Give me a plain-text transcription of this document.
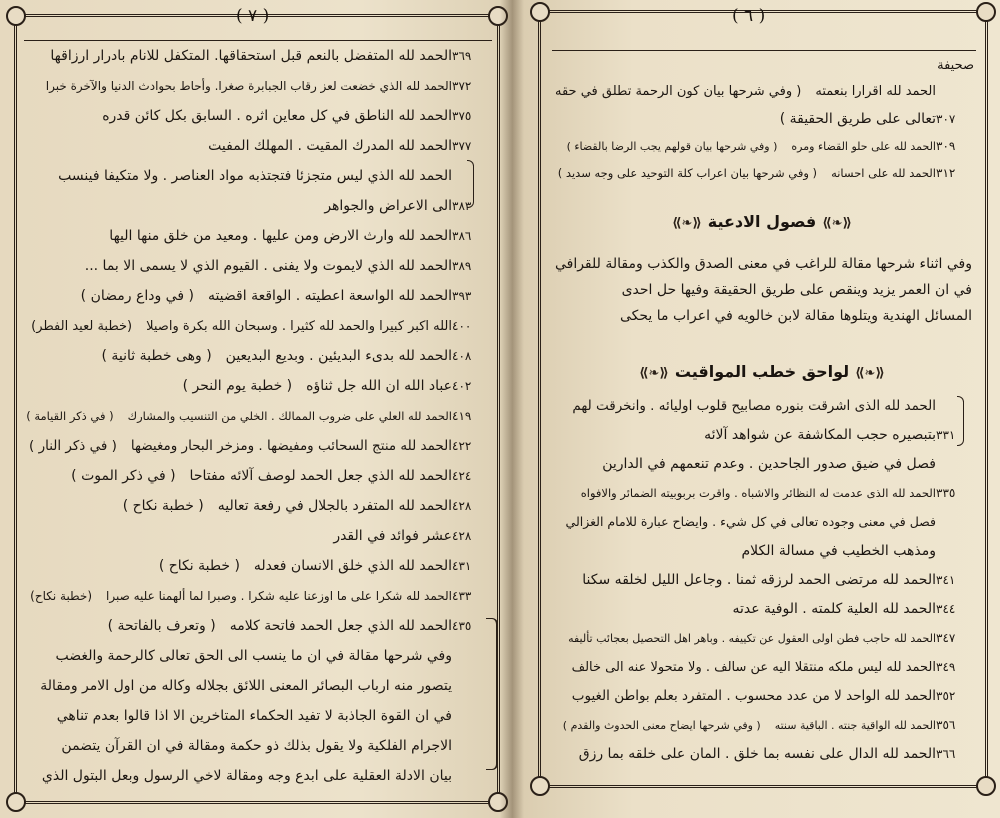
( ٧ )
٣٦٩الحمد لله المتفضل بالنعم قبل استحقاقها. المتكفل للانام بادرار ارزاقها
٣٧٢الحمد لله الذي خضعت لعز رقاب الجبابرة صغرا. وأحاط بحوادث الدنيا والآخرة خبرا
٣٧٥الحمد لله الناطق في كل معاين اثره . السابق بكل كائن قدره
٣٧٧الحمد لله المدرك المقيت . المهلك المفيت
الحمد لله الذي ليس متجزئا فتجتذبه مواد العناصر . ولا متكيفا فينسب
٣٨٣الى الاعراض والجواهر
٣٨٦الحمد لله وارث الارض ومن عليها . ومعيد من خلق منها اليها
٣٨٩الحمد لله الذي لايموت ولا يفنى . القيوم الذي لا يسمى الا بما ...
٣٩٣الحمد لله الواسعة اعطيته . الواقعة اقضيته( في وداع رمضان )
٤٠٠الله اكبر كبيرا والحمد لله كثيرا . وسبحان الله بكرة واصيلا(خطبة لعيد الفطر)
٤٠٨الحمد لله بدىء البديئين . وبديع البديعين( وهى خطبة ثانية )
٤٠٢عباد الله ان الله جل ثناؤه( خطبة يوم النحر )
٤١٩الحمد لله العلي على ضروب الممالك . الخلي من التنسيب والمشارك( في ذكر القيامة )
٤٢٢الحمد لله منتج السحائب ومفيضها . ومزخر البحار ومغيضها( في ذكر النار )
٤٢٤الحمد لله الذي جعل الحمد لوصف آلائه مفتاحا( في ذكر الموت )
٤٢٨الحمد لله المتفرد بالجلال في رفعة تعاليه( خطبة نكاح )
٤٢٨عشر فوائد في القدر
٤٣١الحمد لله الذي خلق الانسان فعدله( خطبة نكاح )
٤٣٣الحمد لله شكرا على ما اوزعنا عليه شكرا . وصبرا لما ألهمنا عليه صبرا(خطبة نكاح)
٤٣٥الحمد لله الذي جعل الحمد فاتحة كلامه( وتعرف بالفاتحة )
وفي شرحها مقالة في ان ما ينسب الى الحق تعالى كالرحمة والغضب
يتصور منه ارباب البصائر المعنى اللائق بجلاله وكاله من اول الامر ومقالة
في ان القوة الجاذبة لا تفيد الحكماء المتاخرين الا اذا قالوا بعدم تناهي
الاجرام الفلكية ولا يقول بذلك ذو حكمة ومقالة في ان القرآن يتضمن
بيان الادلة العقلية على ابدع وجه ومقالة لاخي الرسول وبعل البتول الذي
( ٦ )
صحيفة
الحمد لله اقرارا بنعمته( وفي شرحها بيان كون الرحمة تطلق في حقه
٣٠٧تعالى على طريق الحقيقة )
٣٠٩الحمد لله على حلو القضاء ومره( وفي شرحها بيان قولهم يجب الرضا بالقضاء )
٣١٢الحمد لله على احسانه( وفي شرحها بيان اعراب كلة التوحيد على وجه سديد )
⟪❧⟫فصول الادعية⟪❧⟫
وفي اثناء شرحها مقالة للراغب في معنى الصدق والكذب ومقالة للقرافي
في ان العمر يزيد وينقص على طريق الحقيقة وفيها حل احدى
المسائل الهندية ويتلوها مقالة لابن خالويه في اعراب ما يحكى
⟪❧⟫لواحق خطب المواقيت⟪❧⟫
الحمد لله الذى اشرقت بنوره مصابيح قلوب اوليائه . وانخرقت لهم
٣٣١بتبصيره حجب المكاشفة عن شواهد آلائه
فصل في ضيق صدور الجاحدين . وعدم تنعمهم في الدارين
٣٣٥الحمد لله الذى عدمت له النظائر والاشباه . واقرت بربوبيته الضمائر والافواه
فصل في معنى وجوده تعالى في كل شيء . وايضاح عبارة للامام الغزالي
ومذهب الخطيب في مسالة الكلام
٣٤١الحمد لله مرتضى الحمد لرزقه ثمنا . وجاعل الليل لخلقه سكنا
٣٤٤الحمد لله العلية كلمته . الوفية عدته
٣٤٧الحمد لله حاجب فطن اولى العقول عن تكييفه . وباهر اهل التحصيل بعجائب تأليفه
٣٤٩الحمد لله ليس ملكه منتقلا اليه عن سالف . ولا متحولا عنه الى خالف
٣٥٢الحمد لله الواحد لا من عدد محسوب . المتفرد بعلم بواطن الغيوب
٣٥٦الحمد لله الواقية جنته . الباقية سنته( وفي شرحها ايضاح معنى الحدوث والقدم )
٣٦٦الحمد لله الدال على نفسه بما خلق . المان على خلقه بما رزق
